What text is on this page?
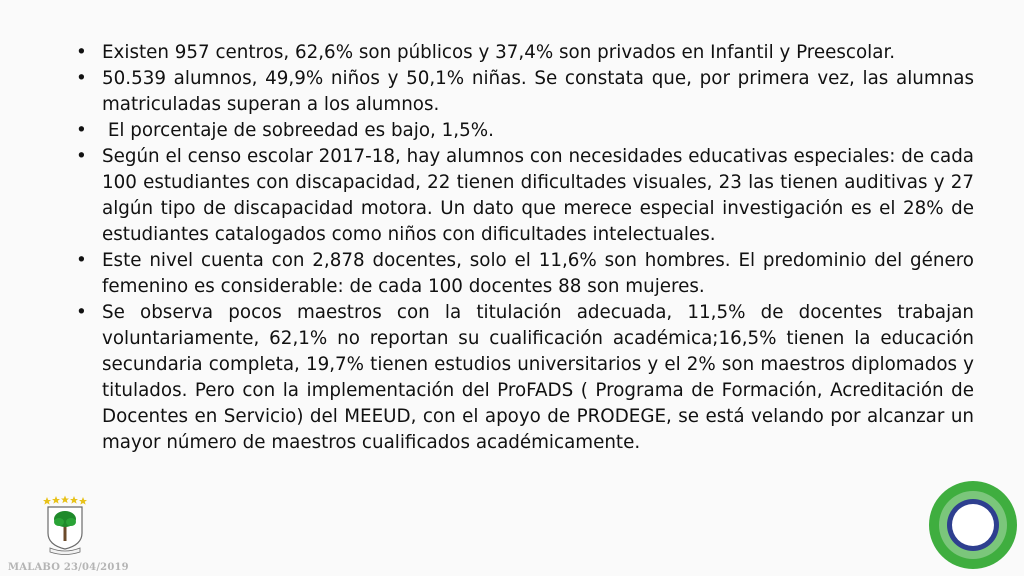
• Existen 957 centros, 62,6% son públicos y 37,4% son privados en Infantil y Preescolar.
• 50.539 alumnos, 49,9% niños y 50,1% niñas. Se constata que, por primera vez, las alumnas matriculadas superan a los alumnos.
• El porcentaje de sobreedad es bajo, 1,5%.
• Según el censo escolar 2017-18, hay alumnos con necesidades educativas especiales: de cada 100 estudiantes con discapacidad, 22 tienen dificultades visuales, 23 las tienen auditivas y 27 algún tipo de discapacidad motora. Un dato que merece especial investigación es el 28% de estudiantes catalogados como niños con dificultades intelectuales.
• Este nivel cuenta con 2,878 docentes, solo el 11,6% son hombres. El predominio del género femenino es considerable: de cada 100 docentes 88 son mujeres.
• Se observa pocos maestros con la titulación adecuada, 11,5% de docentes trabajan voluntariamente, 62,1% no reportan su cualificación académica;16,5% tienen la educación secundaria completa, 19,7% tienen estudios universitarios y el 2% son maestros diplomados y titulados. Pero con la implementación del ProFADS ( Programa de Formación, Acreditación de Docentes en Servicio) del MEEUD, con el apoyo de PRODEGE, se está velando por alcanzar un mayor número de maestros cualificados académicamente.
MALABO 23/04/2019
